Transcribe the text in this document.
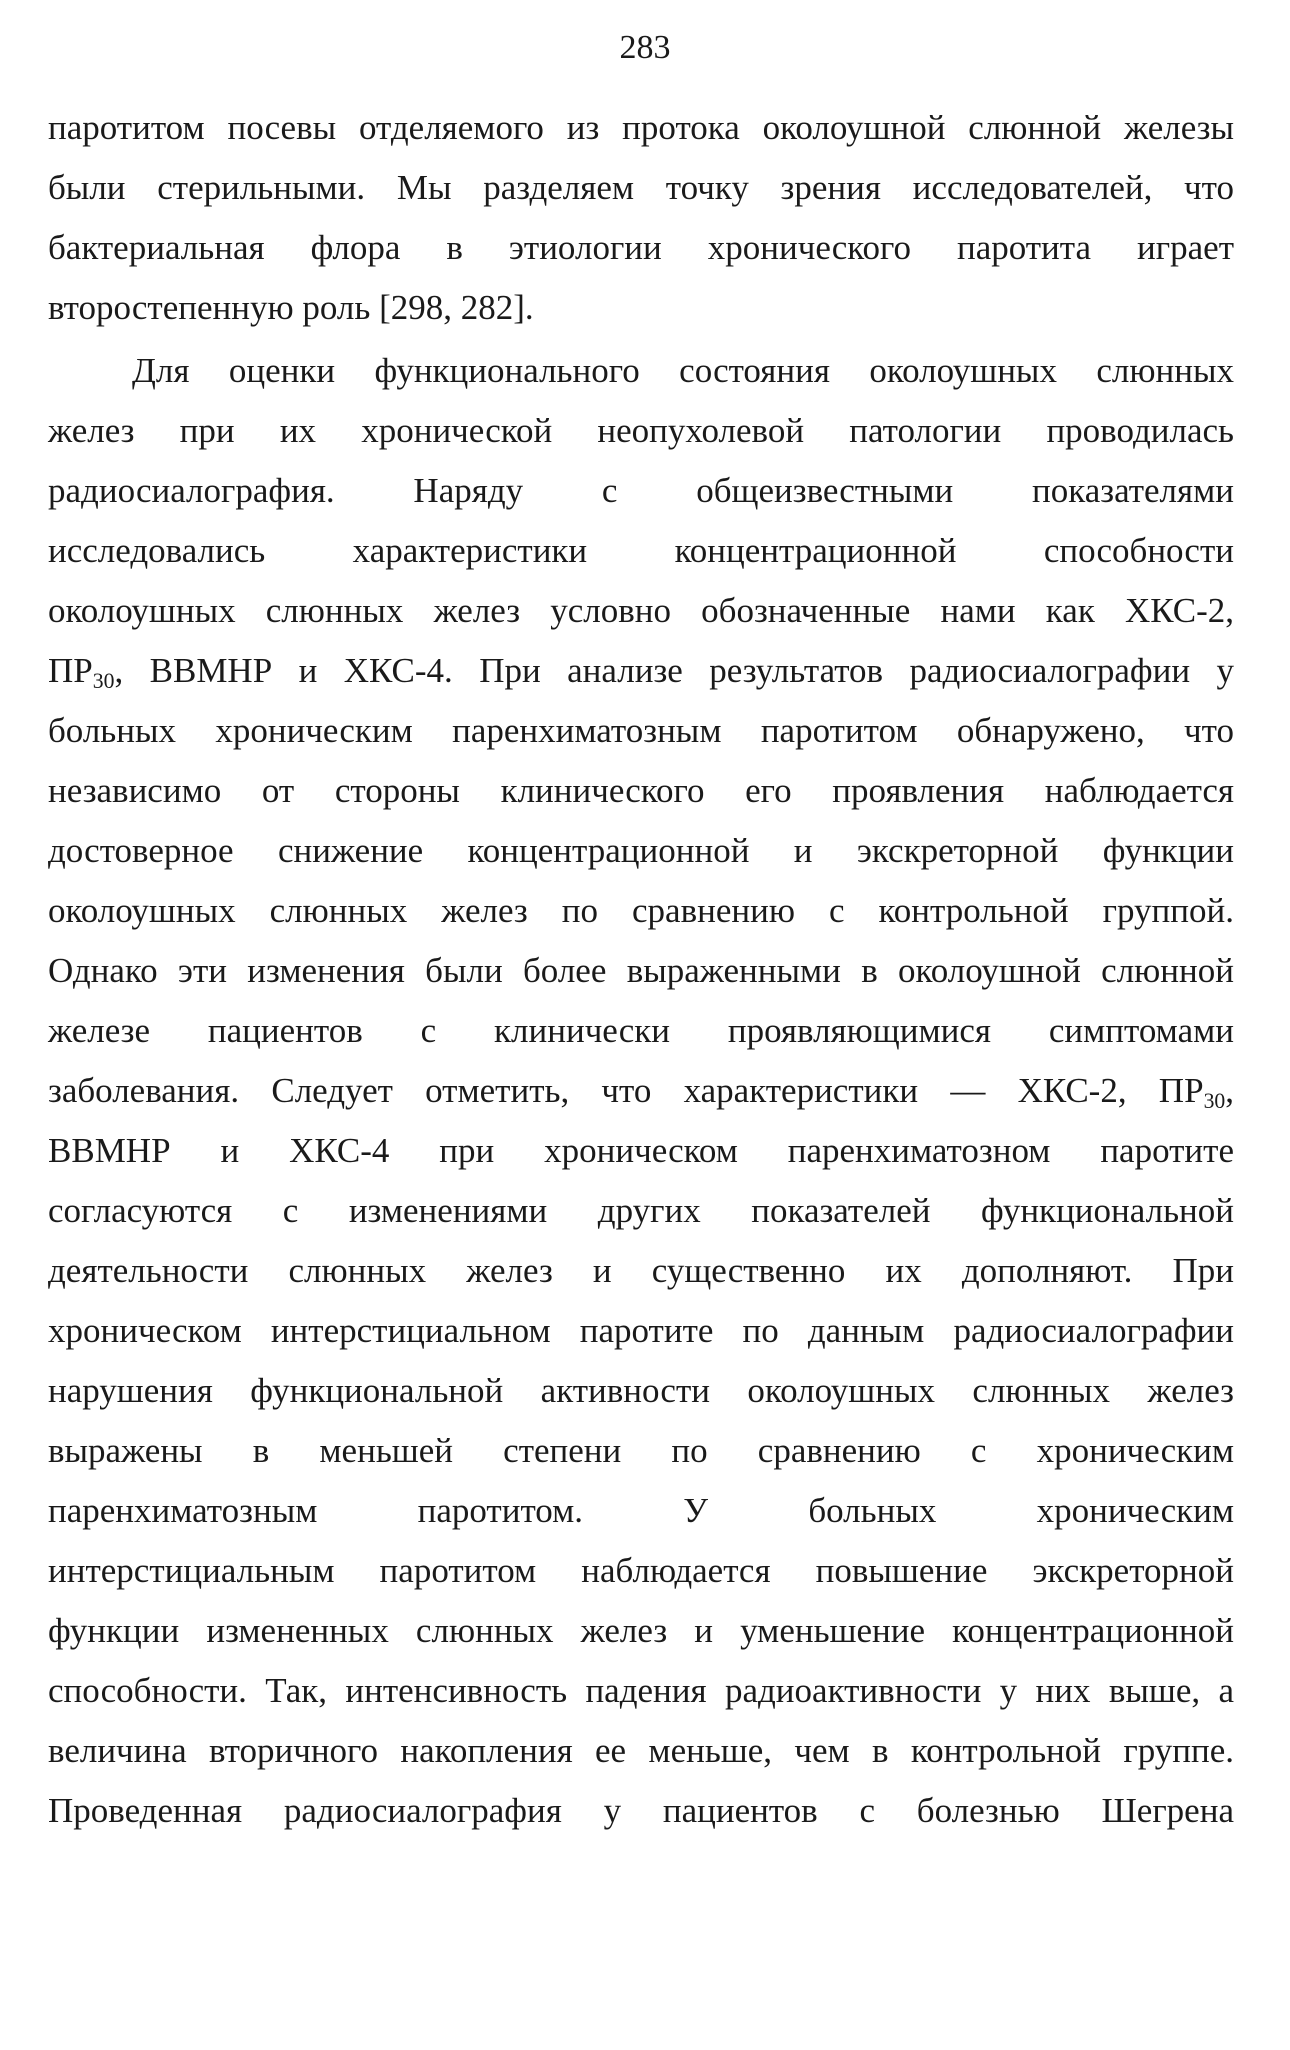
283
паротитом посевы отделяемого из протока околоушной слюнной железы
были стерильными. Мы разделяем точку зрения исследователей, что
бактериальная флора в этиологии хронического паротита играет
второстепенную роль [298, 282].
Для оценки функционального состояния околоушных слюнных
желез при их хронической неопухолевой патологии проводилась
радиосиалография. Наряду с общеизвестными показателями
исследовались характеристики концентрационной способности
околоушных слюнных желез условно обозначенные нами как ХКС-2,
$ПР_{30}$, ВВМНР и ХКС-4. При анализе результатов радиосиалографии у
больных хроническим паренхиматозным паротитом обнаружено, что
независимо от стороны клинического его проявления наблюдается
достоверное снижение концентрационной и экскреторной функции
околоушных слюнных желез по сравнению с контрольной группой.
Однако эти изменения были более выраженными в околоушной слюнной
железе пациентов с клинически проявляющимися симптомами
заболевания. Следует отметить, что характеристики — ХКС-2, $ПР_{30}$,
ВВМНР и ХКС-4 при хроническом паренхиматозном паротите
согласуются с изменениями других показателей функциональной
деятельности слюнных желез и существенно их дополняют. При
хроническом интерстициальном паротите по данным радиосиалографии
нарушения функциональной активности околоушных слюнных желез
выражены в меньшей степени по сравнению с хроническим
паренхиматозным паротитом. У больных хроническим
интерстициальным паротитом наблюдается повышение экскреторной
функции измененных слюнных желез и уменьшение концентрационной
способности. Так, интенсивность падения радиоактивности у них выше, а
величина вторичного накопления ее меньше, чем в контрольной группе.
Проведенная радиосиалография у пациентов с болезнью Шегрена
